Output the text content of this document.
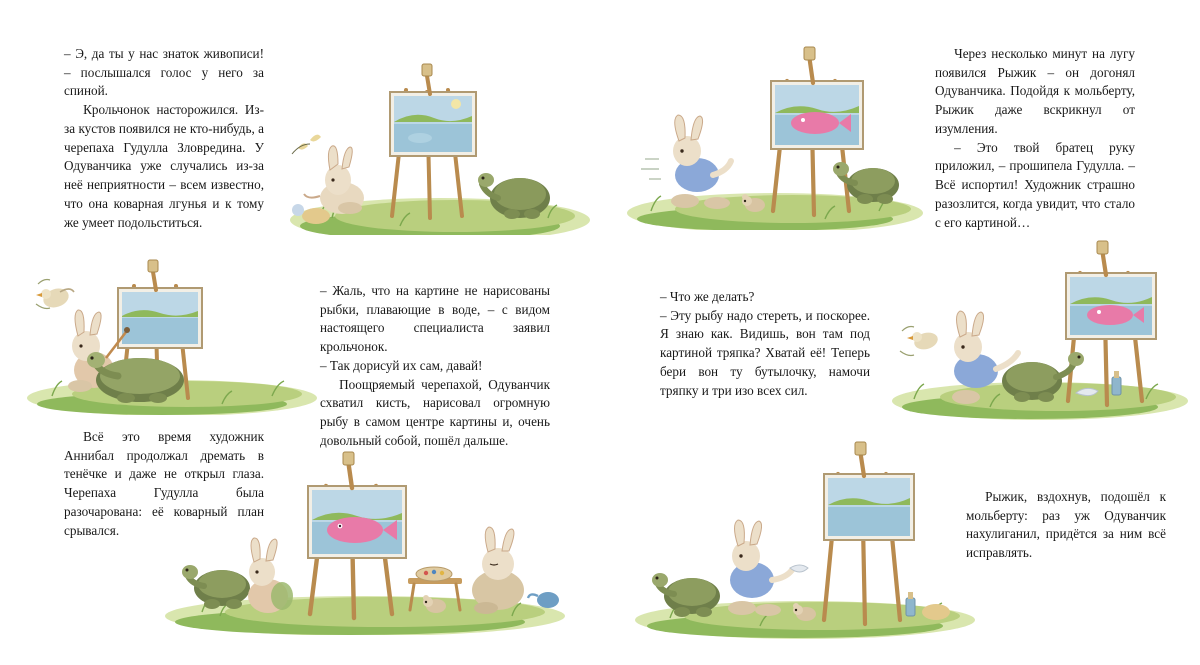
– Э, да ты у нас знаток живописи! – послышался голос у него за спиной.

Крольчонок насторожился. Из-за кустов появился не кто-нибудь, а черепаха Гудулла Зловредина. У Одуванчика уже случались из-за неё неприятности – всем известно, что она коварная лгунья и к тому же умеет подольститься.

– Жаль, что на картине не нарисованы рыбки, плавающие в воде, – с видом настоящего специалиста заявил крольчонок.

– Так дорисуй их сам, давай!

Поощряемый черепахой, Одуванчик схватил кисть, нарисовал огромную рыбу в самом центре картины и, очень довольный собой, пошёл дальше.

Всё это время художник Аннибал продолжал дремать в тенёчке и даже не открыл глаза. Черепаха Гудулла была разочарована: её коварный план срывался.

Через несколько минут на лугу появился Рыжик – он догонял Одуванчика. Подойдя к мольберту, Рыжик даже вскрикнул от изумления.

– Это твой братец руку приложил, – прошипела Гудулла. – Всё испортил! Художник страшно разозлится, когда увидит, что стало с его картиной…

– Что же делать?

– Эту рыбу надо стереть, и поскорее. Я знаю как. Видишь, вон там под картиной тряпка? Хватай её! Теперь бери вон ту бутылочку, намочи тряпку и три изо всех сил.

Рыжик, вздохнув, подошёл к мольберту: раз уж Одуванчик нахулиганил, придётся за ним всё исправлять.
